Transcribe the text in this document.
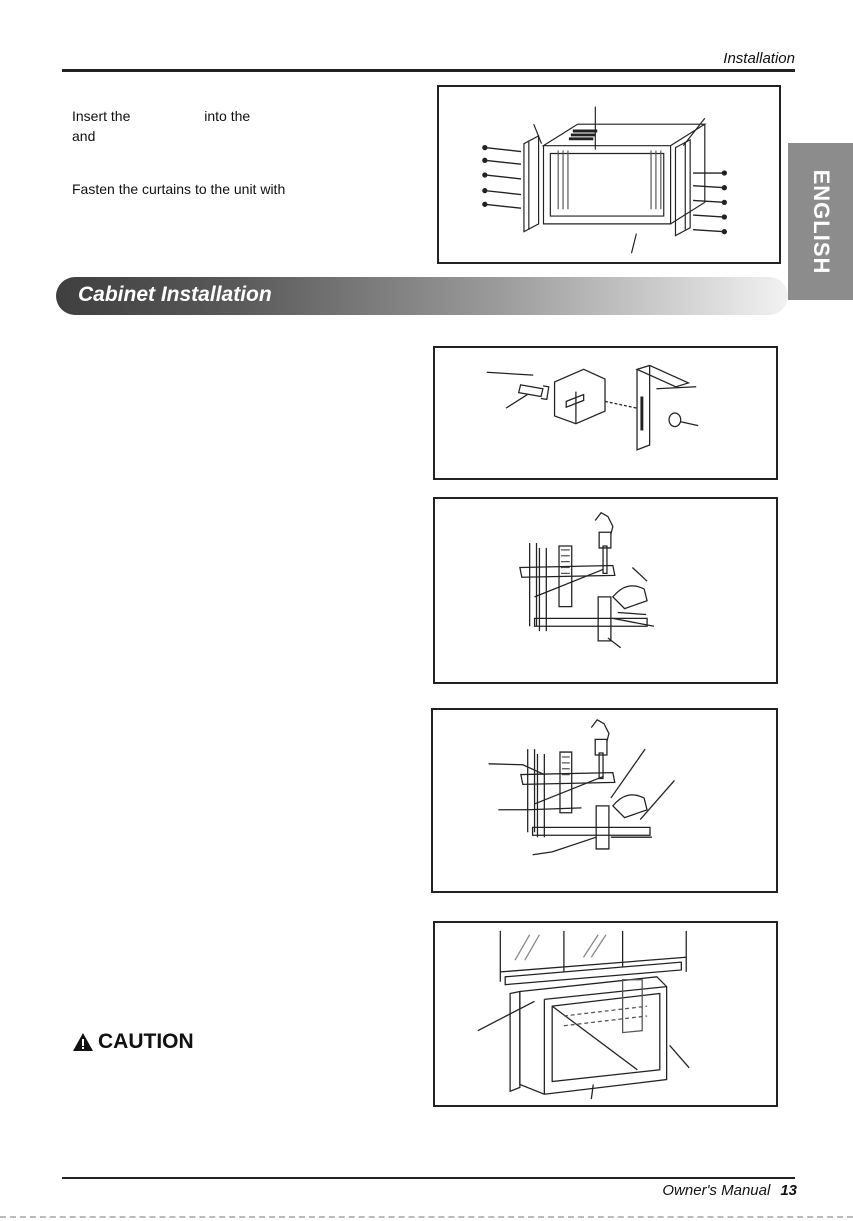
Installation
Insert the                   into the
and
Fasten the curtains to the unit with	ENGLISH
Cabinet Installation
CAUTION
Owner's Manual 13
